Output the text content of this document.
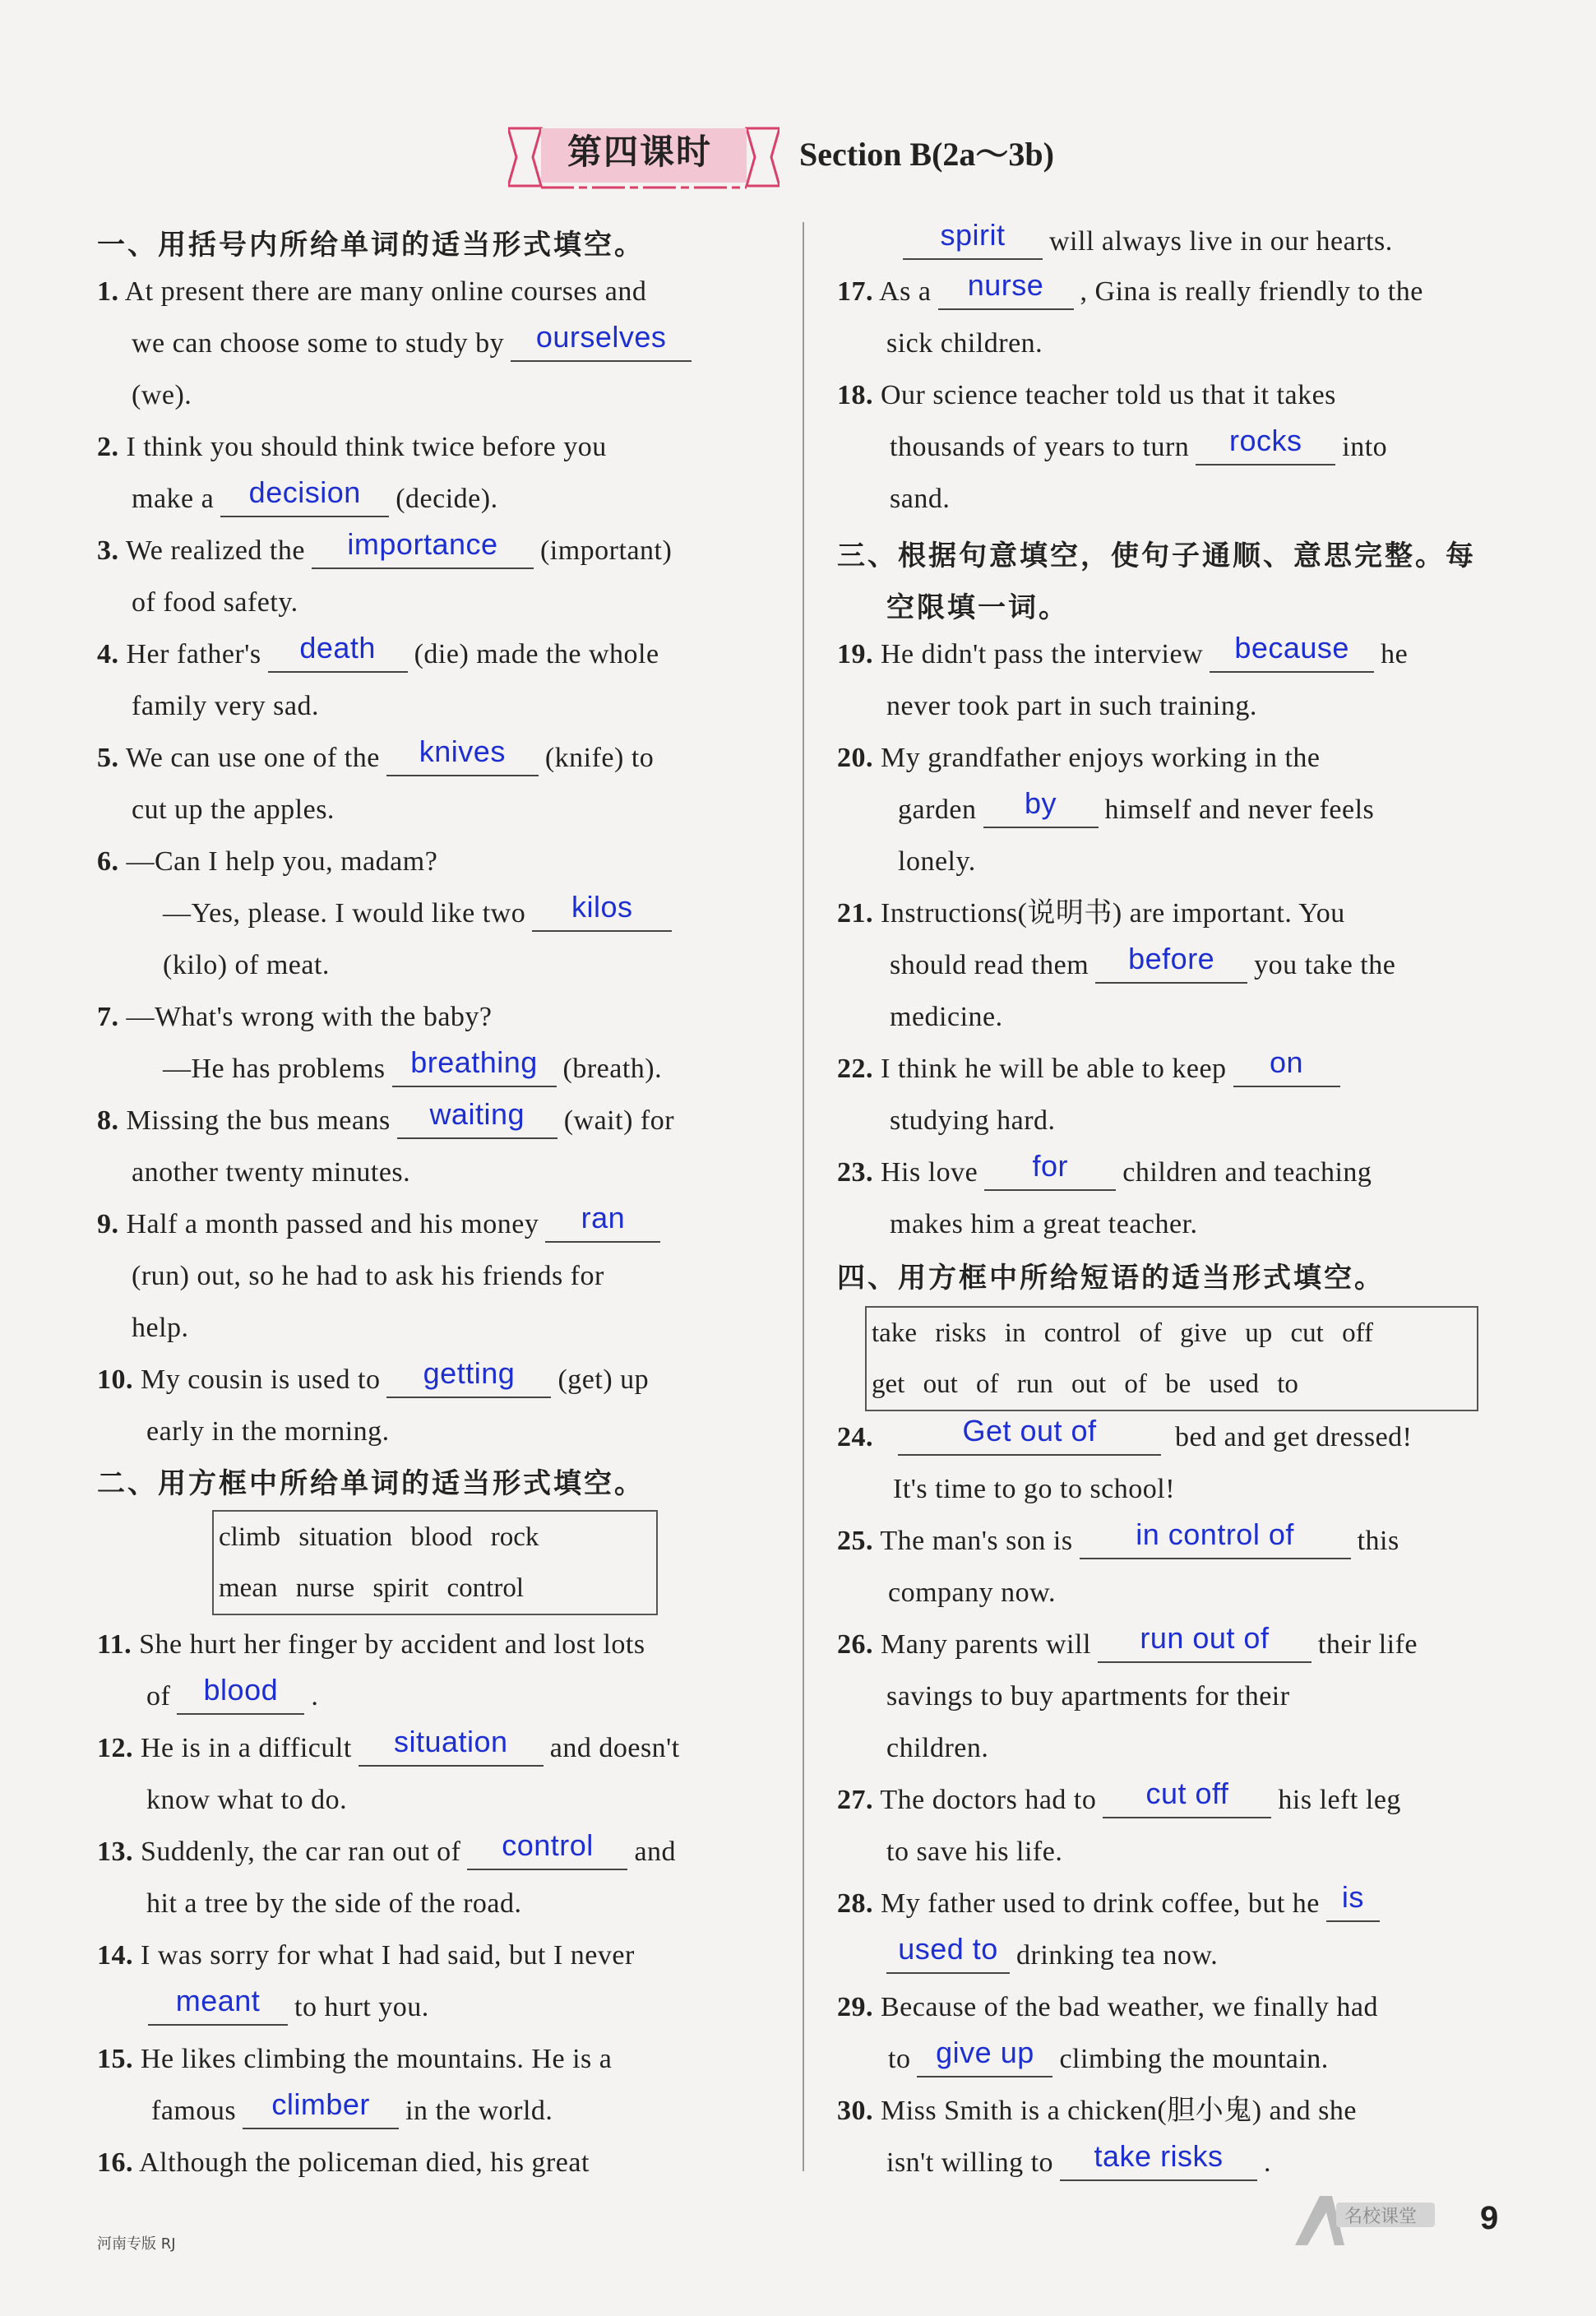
第四课时	Section B(2a～3b)
一、用括号内所给单词的适当形式填空。
1. At present there are many online courses and
we can choose some to study by	ourselves
(we).
2. I think you should think twice before you
make a	decision	(decide).
3. We realized the	importance	(important)
of food safety.
4. Her father's	death	(die) made the whole
family very sad.
5. We can use one of the	knives	(knife) to
cut up the apples.
6. —Can I help you, madam?
—Yes, please. I would like two	kilos
(kilo) of meat.
7. —What's wrong with the baby?
—He has problems breathing (breath).
8. Missing the bus means	waiting	(wait) for
another twenty minutes.
9. Half a month passed and his money	ran
(run) out, so he had to ask his friends for
help.
10. My cousin is used to	getting	(get) up
early in the morning.
二、用方框中所给单词的适当形式填空。
climb situation blood rock
mean nurse spirit control
11. She hurt her finger by accident and lost lots
of	blood	.
12. He is in a difficult	situation	and doesn't
know what to do.
13. Suddenly, the car ran out of	control	and
hit a tree by the side of the road.
14. I was sorry for what I had said, but I never

meant	to hurt you.
15. He likes climbing the mountains. He is a
famous	climber	in the world.
16. Although the policeman died, his great

spirit	will always live in our hearts.
17. As a	nurse	, Gina is really friendly to the
sick children.
18. Our science teacher told us that it takes
thousands of years to turn	rocks	into
sand.
三、根据句意填空，使句子通顺、意思完整。每
空限填一词。
19. He didn't pass the interview	because	he
never took part in such training.
20. My grandfather enjoys working in the
garden	by	himself and never feels
lonely.
21. Instructions(说明书) are important. You
should read them	before	you take the
medicine.
22. I think he will be able to keep	on
studying hard.
23. His love	for	children and teaching
makes him a great teacher.
四、用方框中所给短语的适当形式填空。
take risks in control of give up cut off
get out of run out of be used to
24.	Get out of	bed and get dressed!
It's time to go to school!
25. The man's son is	in control of	this
company now.
26. Many parents will	run out of	their life
savings to buy apartments for their
children.
27. The doctors had to	cut off	his left leg
to save his life.
28. My father used to drink coffee, but he is

used to drinking tea now.
29. Because of the bad weather, we finally had
to give up climbing the mountain.
30. Miss Smith is a chicken(胆小鬼) and she
isn't willing to	take risks	.
河南专版 RJ
名校课堂 9
